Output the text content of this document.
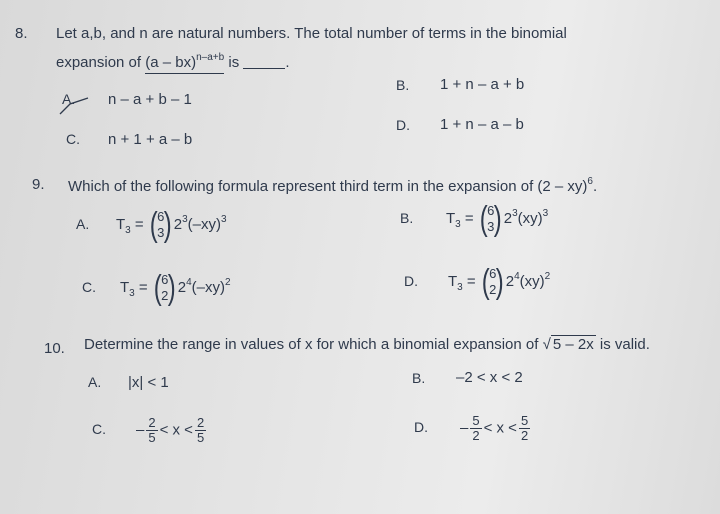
8. Let a,b, and n are natural numbers. The total number of terms in the binomial
expansion of (a – bx)$^{n-a+b}$ is	.
A. n – a + b – 1
B. 1 + n – a + b
C. n + 1 + a – b
D. 1 + n – a – b
9. Which of the following formula represent third term in the expansion of (2 – xy)$^6$.
A. $T_3$ = ( 6
3 ) $2^3(-xy)^3$	B. $T_3$ = ( 6
3 ) $2^3(xy)^3$
C. $T_3$ = ( 6
2 ) $2^4(-xy)^2$	D. $T_3$ = ( 6
2 ) $2^4(xy)^2$
10. Determine the range in values of x for which a binomial expansion of √ 5 – 2x is valid.
A. |x| < 1	B. –2 < x < 2
C. – $\frac{2}{5} < x < \frac{2}{5}$	D. – $\frac{5}{2} < x < \frac{5}{2}$
